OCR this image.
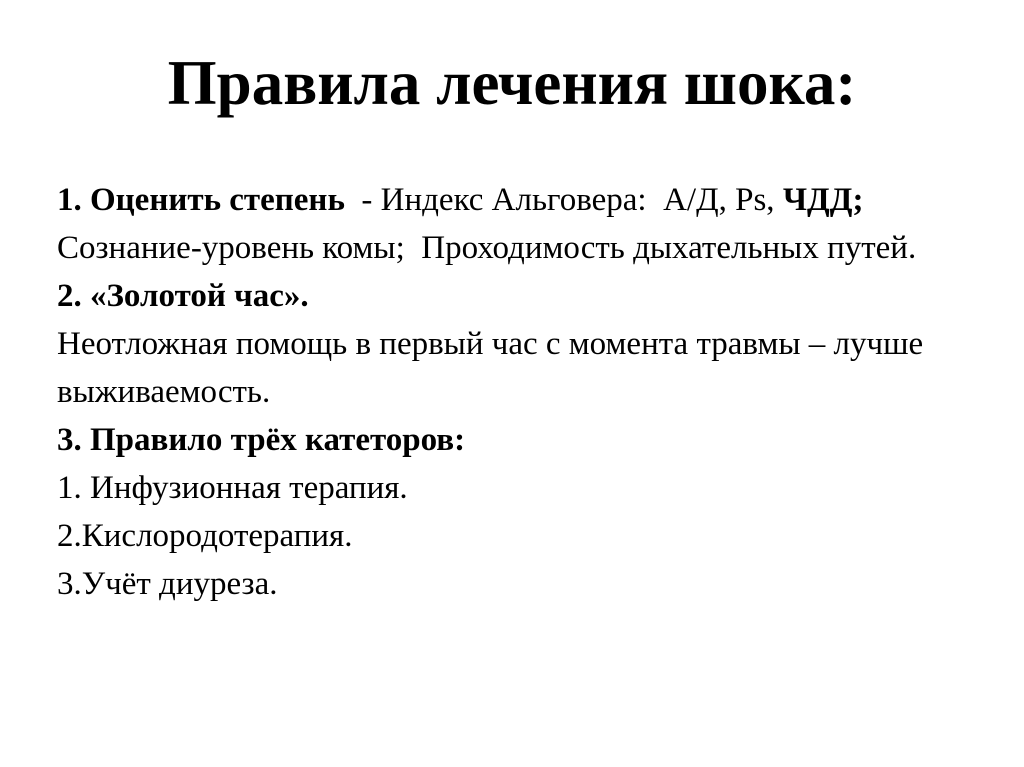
Правила лечения шока:

1. Оценить степень  - Индекс Альговера:  А/Д, Ps, ЧДД;

Сознание-уровень комы;  Проходимость дыхательных путей.

2. «Золотой час».

Неотложная помощь в первый час с момента травмы – лучше

выживаемость.

3. Правило трёх катеторов:

1. Инфузионная терапия.

2.Кислородотерапия.

3.Учёт диуреза.
